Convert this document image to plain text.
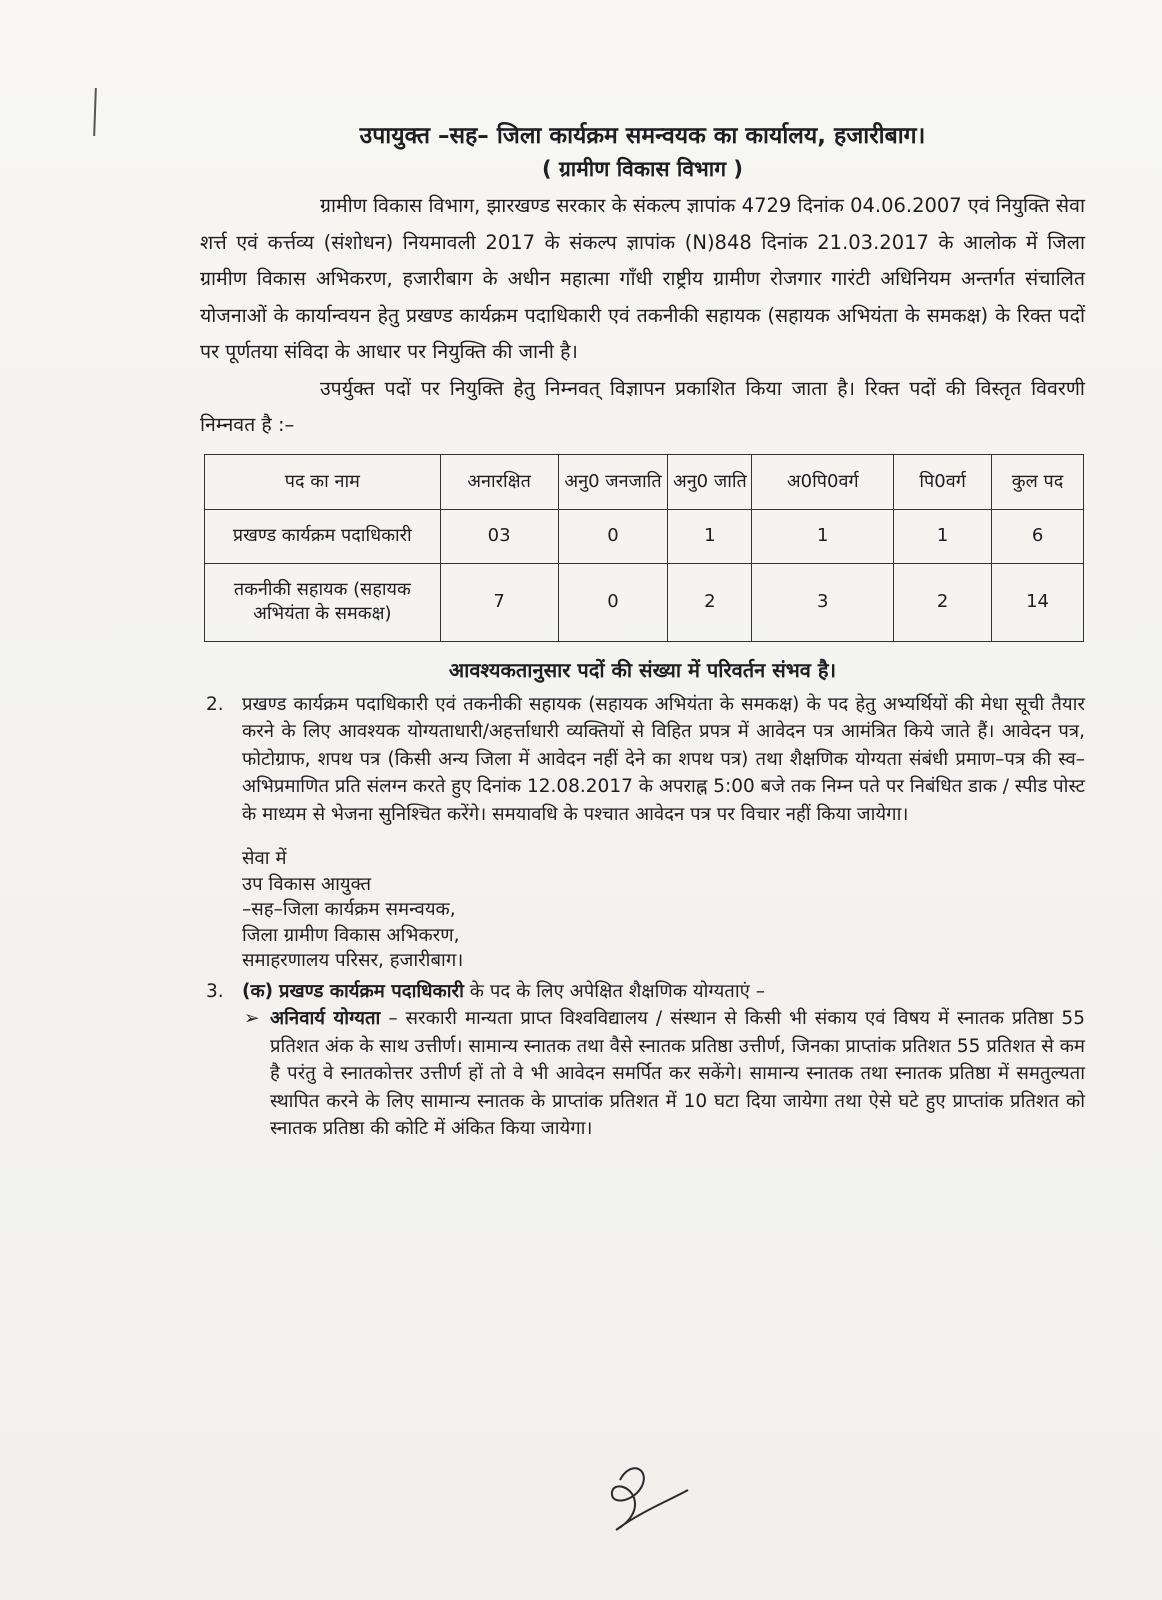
उपायुक्त –सह– जिला कार्यक्रम समन्वयक का कार्यालय, हजारीबाग।
( ग्रामीण विकास विभाग )

ग्रामीण विकास विभाग, झारखण्ड सरकार के संकल्प ज्ञापांक 4729 दिनांक 04.06.2007 एवं नियुक्ति सेवा शर्त्त एवं कर्त्तव्य (संशोधन) नियमावली 2017 के संकल्प ज्ञापांक (N)848 दिनांक 21.03.2017 के आलोक में जिला ग्रामीण विकास अभिकरण, हजारीबाग के अधीन महात्मा गाँधी राष्ट्रीय ग्रामीण रोजगार गारंटी अधिनियम अन्तर्गत संचालित योजनाओं के कार्यान्वयन हेतु प्रखण्ड कार्यक्रम पदाधिकारी एवं तकनीकी सहायक (सहायक अभियंता के समकक्ष) के रिक्त पदों पर पूर्णतया संविदा के आधार पर नियुक्ति की जानी है।

उपर्युक्त पदों पर नियुक्ति हेतु निम्नवत् विज्ञापन प्रकाशित किया जाता है। रिक्त पदों की विस्तृत विवरणी निम्नवत है :–

पद का नाम	अनारक्षित	अनु0 जनजाति	अनु0 जाति	अ0पि0वर्ग	पि0वर्ग	कुल पद
प्रखण्ड कार्यक्रम पदाधिकारी	03	0	1	1	1	6
तकनीकी सहायक (सहायक अभियंता के समकक्ष)	7	0	2	3	2	14
आवश्यकतानुसार पदों की संख्या में परिवर्तन संभव है।

2. प्रखण्ड कार्यक्रम पदाधिकारी एवं तकनीकी सहायक (सहायक अभियंता के समकक्ष) के पद हेतु अभ्यर्थियों की मेधा सूची तैयार करने के लिए आवश्यक योग्यताधारी/अहर्त्ताधारी व्यक्तियों से विहित प्रपत्र में आवेदन पत्र आमंत्रित किये जाते हैं। आवेदन पत्र, फोटोग्राफ, शपथ पत्र (किसी अन्य जिला में आवेदन नहीं देने का शपथ पत्र) तथा शैक्षणिक योग्यता संबंधी प्रमाण–पत्र की स्व–अभिप्रमाणित प्रति संलग्न करते हुए दिनांक 12.08.2017 के अपराह्न 5:00 बजे तक निम्न पते पर निबंधित डाक / स्पीड पोस्ट के माध्यम से भेजना सुनिश्चित करेंगे। समयावधि के पश्चात आवेदन पत्र पर विचार नहीं किया जायेगा।

सेवा में
उप विकास आयुक्त
–सह–जिला कार्यक्रम समन्वयक,
जिला ग्रामीण विकास अभिकरण,
समाहरणालय परिसर, हजारीबाग।

3. (क) प्रखण्ड कार्यक्रम पदाधिकारी के पद के लिए अपेक्षित शैक्षणिक योग्यताएं –

➢ अनिवार्य योग्यता – सरकारी मान्यता प्राप्त विश्वविद्यालय / संस्थान से किसी भी संकाय एवं विषय में स्नातक प्रतिष्ठा 55 प्रतिशत अंक के साथ उत्तीर्ण। सामान्य स्नातक तथा वैसे स्नातक प्रतिष्ठा उत्तीर्ण, जिनका प्राप्तांक प्रतिशत 55 प्रतिशत से कम है परंतु वे स्नातकोत्तर उत्तीर्ण हों तो वे भी आवेदन समर्पित कर सकेंगे। सामान्य स्नातक तथा स्नातक प्रतिष्ठा में समतुल्यता स्थापित करने के लिए सामान्य स्नातक के प्राप्तांक प्रतिशत में 10 घटा दिया जायेगा तथा ऐसे घटे हुए प्राप्तांक प्रतिशत को स्नातक प्रतिष्ठा की कोटि में अंकित किया जायेगा।
